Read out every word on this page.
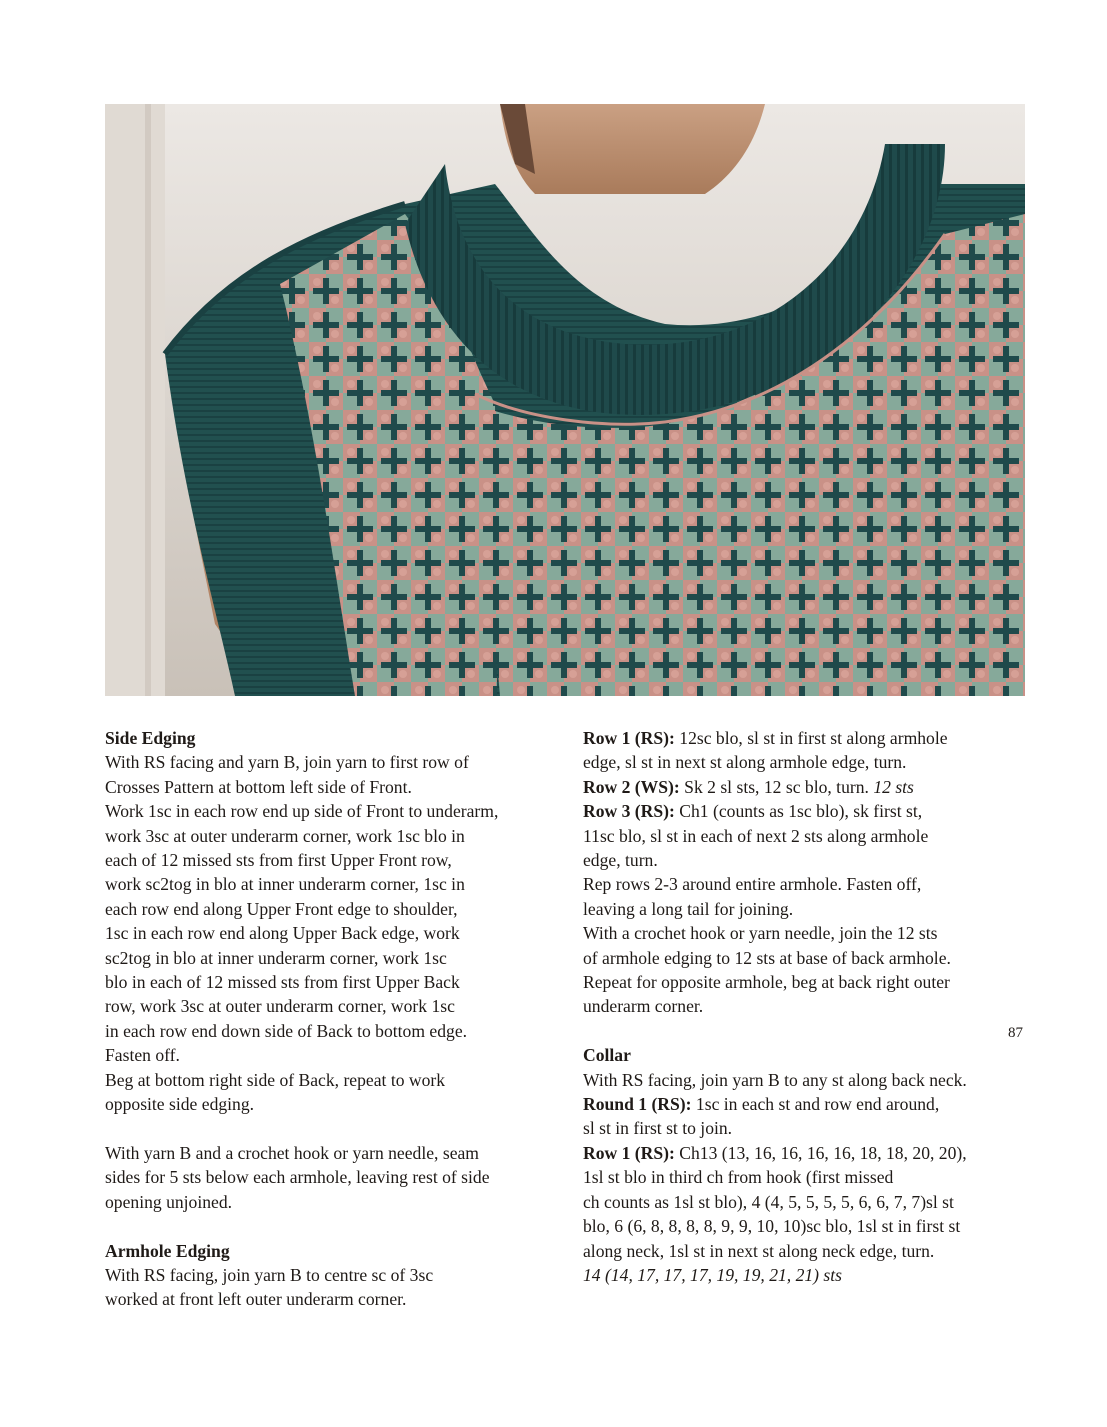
Side Edging

With RS facing and yarn B, join yarn to first row of

Crosses Pattern at bottom left side of Front.

Work 1sc in each row end up side of Front to underarm,

work 3sc at outer underarm corner, work 1sc blo in

each of 12 missed sts from first Upper Front row,

work sc2tog in blo at inner underarm corner, 1sc in

each row end along Upper Front edge to shoulder,

1sc in each row end along Upper Back edge, work

sc2tog in blo at inner underarm corner, work 1sc

blo in each of 12 missed sts from first Upper Back

row, work 3sc at outer underarm corner, work 1sc

in each row end down side of Back to bottom edge.

Fasten off.

Beg at bottom right side of Back, repeat to work

opposite side edging.

With yarn B and a crochet hook or yarn needle, seam

sides for 5 sts below each armhole, leaving rest of side

opening unjoined.

Armhole Edging

With RS facing, join yarn B to centre sc of 3sc

worked at front left outer underarm corner.

Row 1 (RS): 12sc blo, sl st in first st along armhole

edge, sl st in next st along armhole edge, turn.

Row 2 (WS): Sk 2 sl sts, 12 sc blo, turn. 12 sts

Row 3 (RS): Ch1 (counts as 1sc blo), sk first st,

11sc blo, sl st in each of next 2 sts along armhole

edge, turn.

Rep rows 2-3 around entire armhole. Fasten off,

leaving a long tail for joining.

With a crochet hook or yarn needle, join the 12 sts

of armhole edging to 12 sts at base of back armhole.

Repeat for opposite armhole, beg at back right outer

underarm corner.

Collar

With RS facing, join yarn B to any st along back neck.

Round 1 (RS): 1sc in each st and row end around,

sl st in first st to join.

Row 1 (RS): Ch13 (13, 16, 16, 16, 16, 18, 18, 20, 20),

1sl st blo in third ch from hook (first missed

ch counts as 1sl st blo), 4 (4, 5, 5, 5, 5, 6, 6, 7, 7)sl st

blo, 6 (6, 8, 8, 8, 8, 9, 9, 10, 10)sc blo, 1sl st in first st

along neck, 1sl st in next st along neck edge, turn.

14 (14, 17, 17, 17, 19, 19, 21, 21) sts

87
